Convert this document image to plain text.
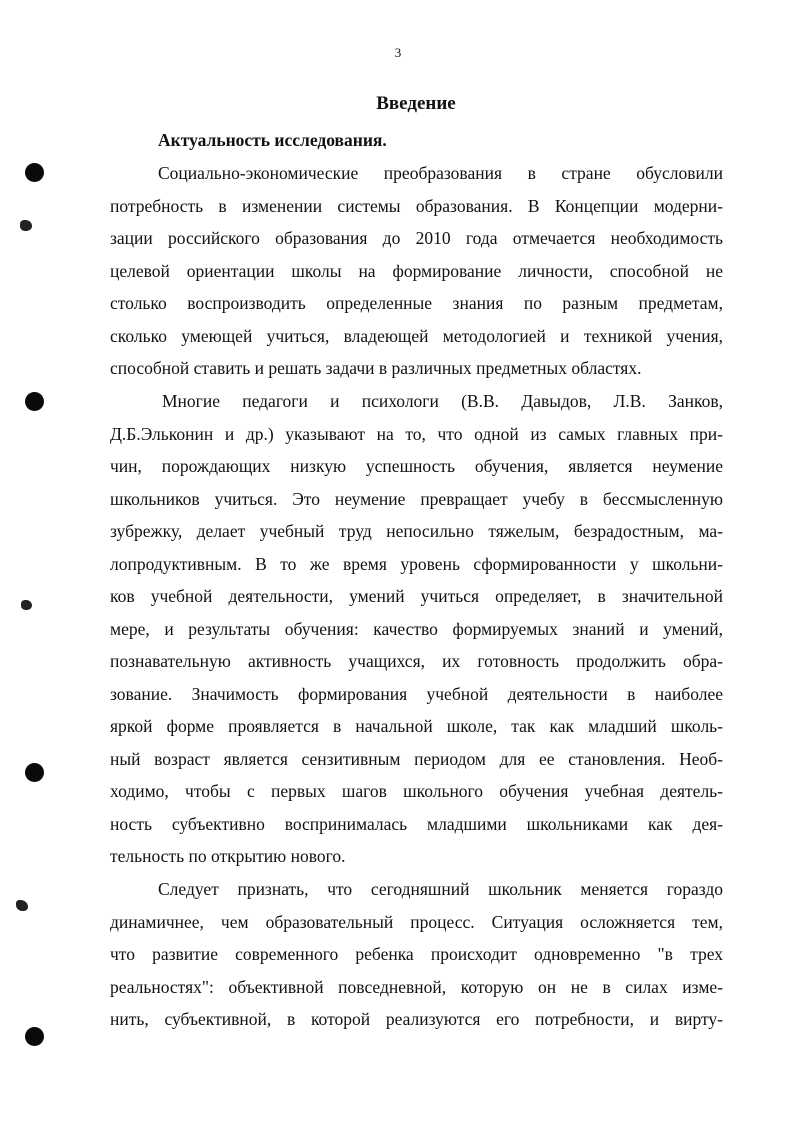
3
Введение
Актуальность исследования.
Социально-экономические преобразования в стране обусловили
потребность в изменении системы образования. В Концепции модерни-
зации российского образования до 2010 года отмечается необходимость
целевой ориентации школы на формирование личности, способной не
столько воспроизводить определенные знания по разным предметам,
сколько умеющей учиться, владеющей методологией и техникой учения,
способной ставить и решать задачи в различных предметных областях.
Многие педагоги и психологи (В.В. Давыдов, Л.В. Занков,
Д.Б.Эльконин и др.) указывают на то, что одной из самых главных при-
чин, порождающих низкую успешность обучения, является неумение
школьников учиться. Это неумение превращает учебу в бессмысленную
зубрежку, делает учебный труд непосильно тяжелым, безрадостным, ма-
лопродуктивным. В то же время уровень сформированности у школьни-
ков учебной деятельности, умений учиться определяет, в значительной
мере, и результаты обучения: качество формируемых знаний и умений,
познавательную активность учащихся, их готовность продолжить обра-
зование. Значимость формирования учебной деятельности в наиболее
яркой форме проявляется в начальной школе, так как младший школь-
ный возраст является сензитивным периодом для ее становления. Необ-
ходимо, чтобы с первых шагов школьного обучения учебная деятель-
ность субъективно воспринималась младшими школьниками как дея-
тельность по открытию нового.
Следует признать, что сегодняшний школьник меняется гораздо
динамичнее, чем образовательный процесс. Ситуация осложняется тем,
что развитие современного ребенка происходит одновременно "в трех
реальностях": объективной повседневной, которую он не в силах изме-
нить, субъективной, в которой реализуются его потребности, и вирту-
